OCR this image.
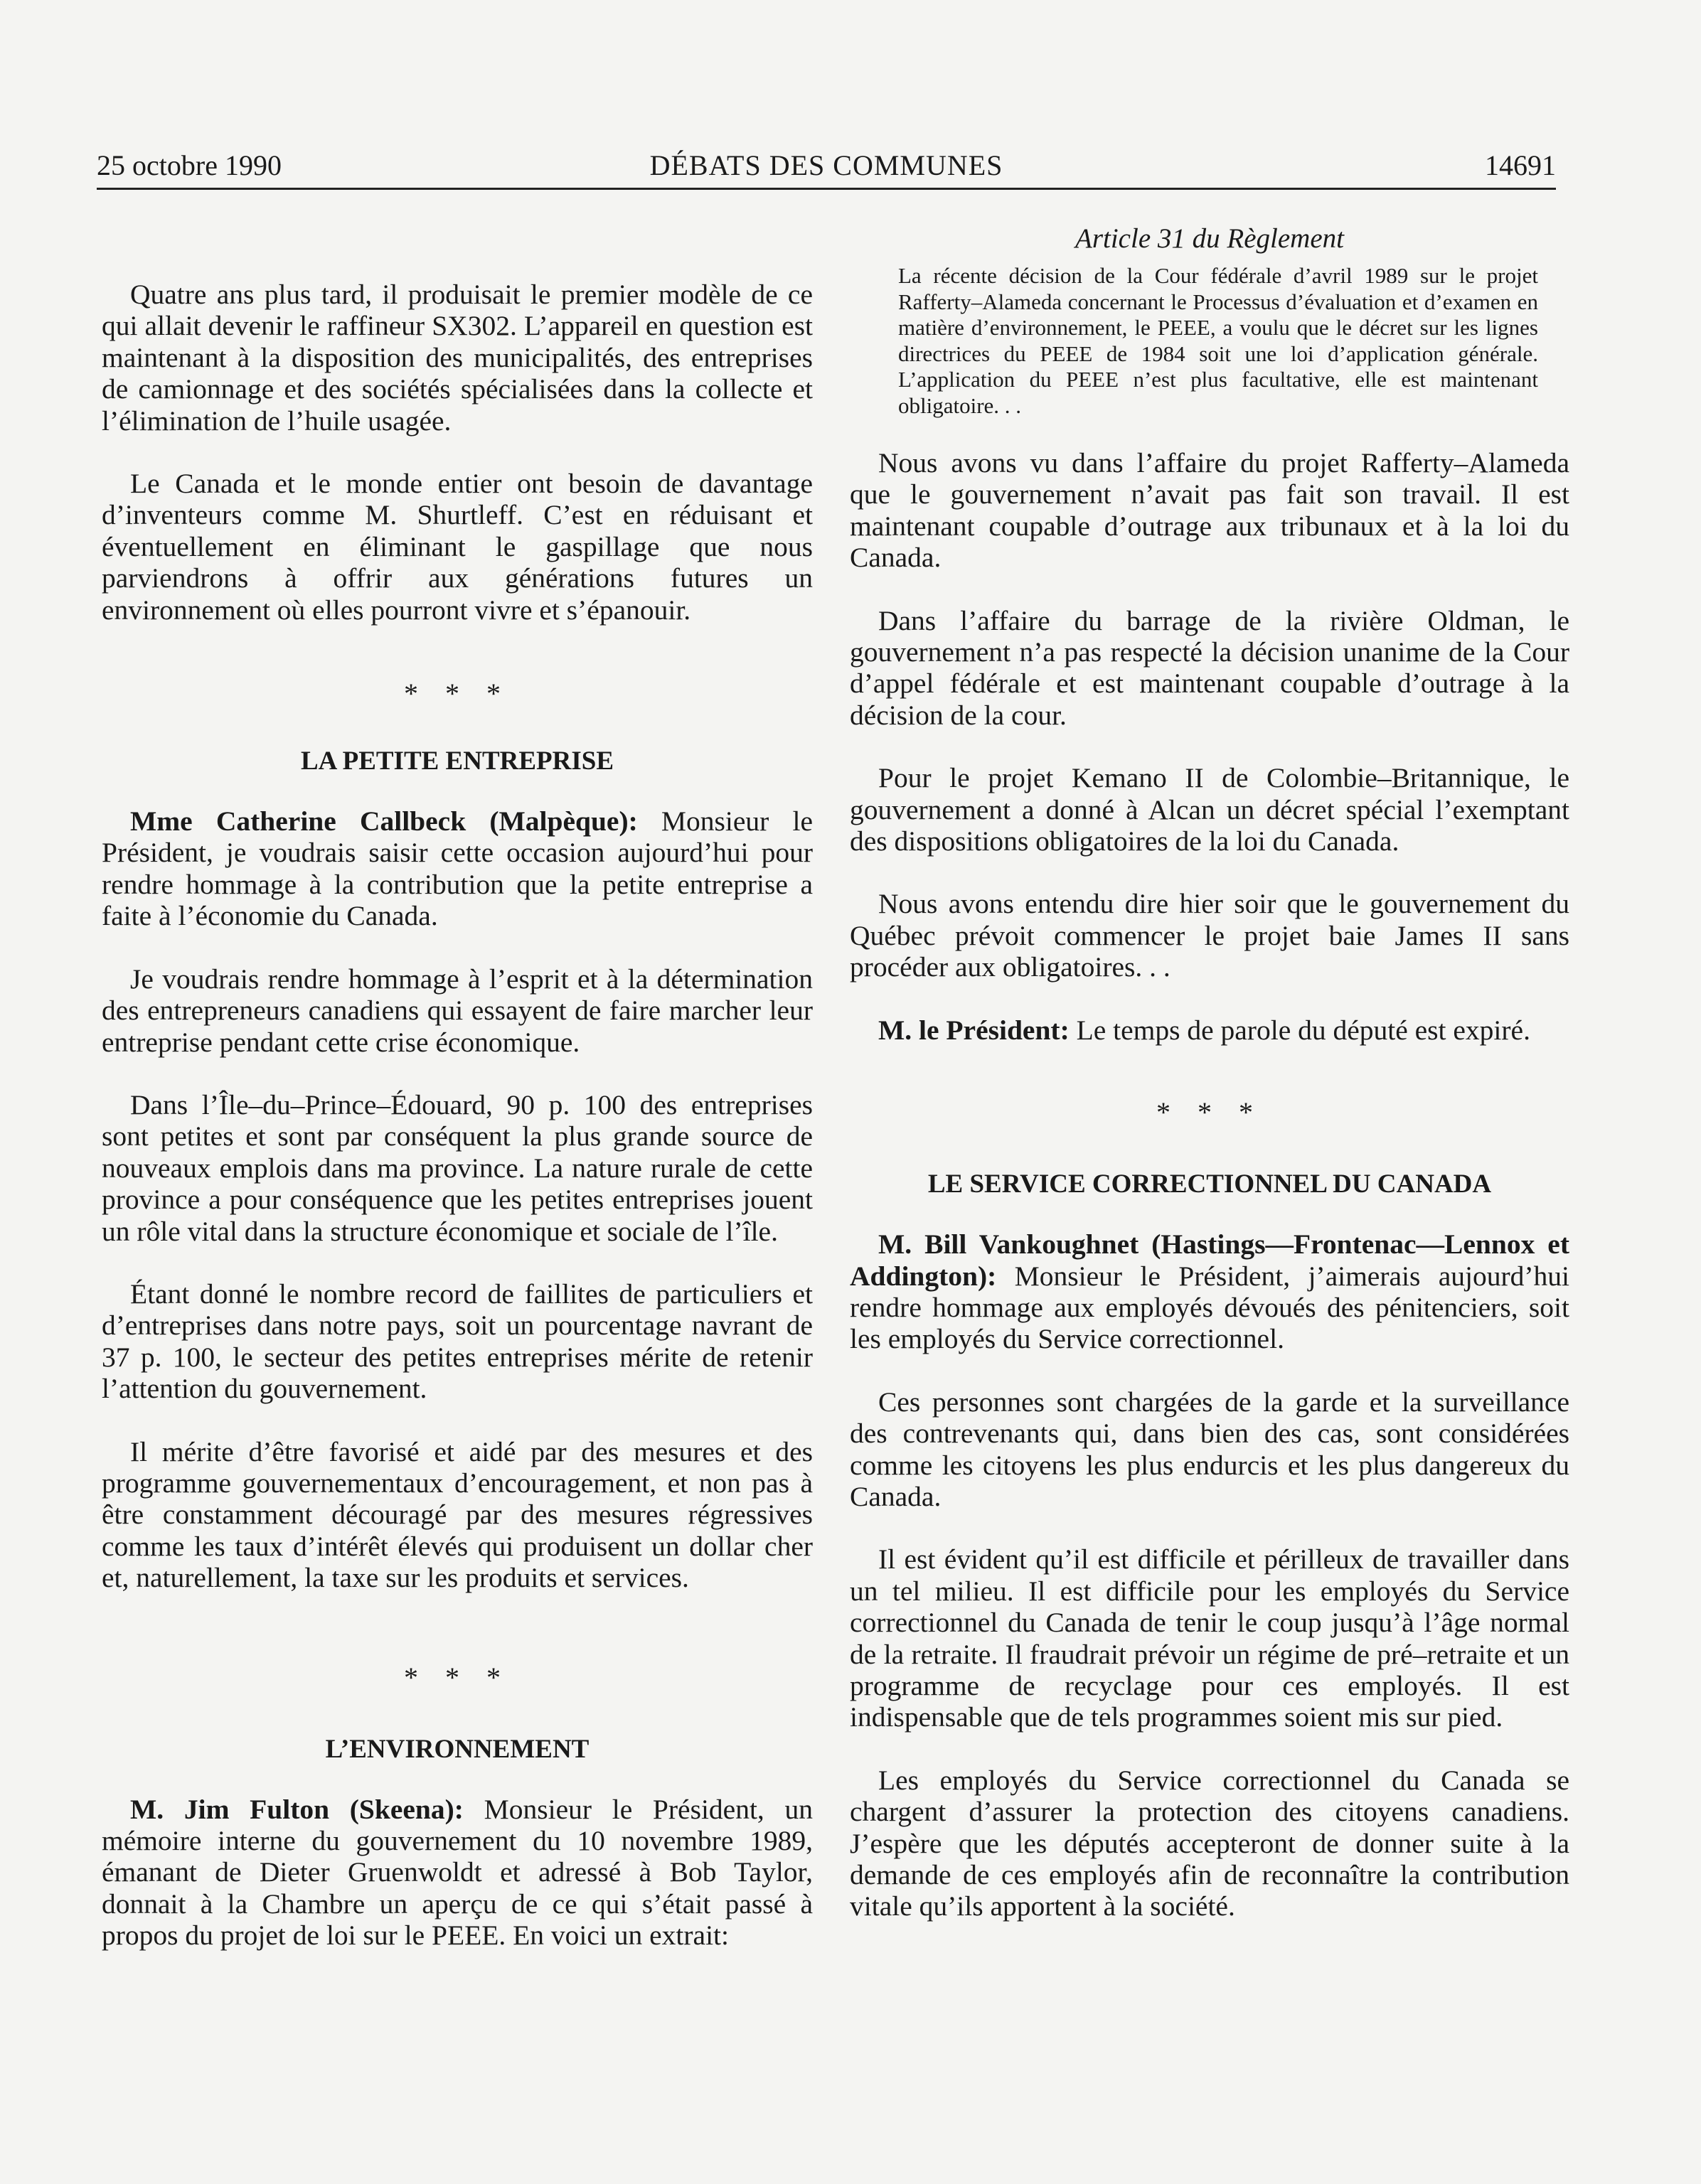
25 octobre 1990	DÉBATS DES COMMUNES	14691

Quatre ans plus tard, il produisait le premier modèle de ce qui allait devenir le raffineur SX302. L’appareil en question est maintenant à la disposition des municipalités, des entreprises de camionnage et des sociétés spécialisées dans la collecte et l’élimination de l’huile usagée.

Le Canada et le monde entier ont besoin de davantage d’inventeurs comme M. Shurtleff. C’est en réduisant et éventuellement en éliminant le gaspillage que nous parviendrons à offrir aux générations futures un environnement où elles pourront vivre et s’épanouir.

* * *
LA PETITE ENTREPRISE

Mme Catherine Callbeck (Malpèque): Monsieur le Président, je voudrais saisir cette occasion aujourd’hui pour rendre hommage à la contribution que la petite entreprise a faite à l’économie du Canada.

Je voudrais rendre hommage à l’esprit et à la détermination des entrepreneurs canadiens qui essayent de faire marcher leur entreprise pendant cette crise économique.

Dans l’Île–du–Prince–Édouard, 90 p. 100 des entreprises sont petites et sont par conséquent la plus grande source de nouveaux emplois dans ma province. La nature rurale de cette province a pour conséquence que les petites entreprises jouent un rôle vital dans la structure économique et sociale de l’île.

Étant donné le nombre record de faillites de particuliers et d’entreprises dans notre pays, soit un pourcentage navrant de 37 p. 100, le secteur des petites entreprises mérite de retenir l’attention du gouvernement.

Il mérite d’être favorisé et aidé par des mesures et des programme gouvernementaux d’encouragement, et non pas à être constamment découragé par des mesures régressives comme les taux d’intérêt élevés qui produisent un dollar cher et, naturellement, la taxe sur les produits et services.

* * *
L’ENVIRONNEMENT

M. Jim Fulton (Skeena): Monsieur le Président, un mémoire interne du gouvernement du 10 novembre 1989, émanant de Dieter Gruenwoldt et adressé à Bob Taylor, donnait à la Chambre un aperçu de ce qui s’était passé à propos du projet de loi sur le PEEE. En voici un extrait:

Article 31 du Règlement

La récente décision de la Cour fédérale d’avril 1989 sur le projet Rafferty–Alameda concernant le Processus d’évaluation et d’examen en matière d’environnement, le PEEE, a voulu que le décret sur les lignes directrices du PEEE de 1984 soit une loi d’application générale. L’application du PEEE n’est plus facultative, elle est maintenant obligatoire. . .

Nous avons vu dans l’affaire du projet Rafferty–Alameda que le gouvernement n’avait pas fait son travail. Il est maintenant coupable d’outrage aux tribunaux et à la loi du Canada.

Dans l’affaire du barrage de la rivière Oldman, le gouvernement n’a pas respecté la décision unanime de la Cour d’appel fédérale et est maintenant coupable d’outrage à la décision de la cour.

Pour le projet Kemano II de Colombie–Britannique, le gouvernement a donné à Alcan un décret spécial l’exemptant des dispositions obligatoires de la loi du Canada.

Nous avons entendu dire hier soir que le gouvernement du Québec prévoit commencer le projet baie James II sans procéder aux obligatoires. . .

M. le Président: Le temps de parole du député est expiré.

* * *
LE SERVICE CORRECTIONNEL DU CANADA

M. Bill Vankoughnet (Hastings—Frontenac—Lennox et Addington): Monsieur le Président, j’aimerais aujourd’hui rendre hommage aux employés dévoués des pénitenciers, soit les employés du Service correctionnel.

Ces personnes sont chargées de la garde et la surveillance des contrevenants qui, dans bien des cas, sont considérées comme les citoyens les plus endurcis et les plus dangereux du Canada.

Il est évident qu’il est difficile et périlleux de travailler dans un tel milieu. Il est difficile pour les employés du Service correctionnel du Canada de tenir le coup jusqu’à l’âge normal de la retraite. Il fraudrait prévoir un régime de pré–retraite et un programme de recyclage pour ces employés. Il est indispensable que de tels programmes soient mis sur pied.

Les employés du Service correctionnel du Canada se chargent d’assurer la protection des citoyens canadiens. J’espère que les députés accepteront de donner suite à la demande de ces employés afin de reconnaître la contribution vitale qu’ils apportent à la société.
